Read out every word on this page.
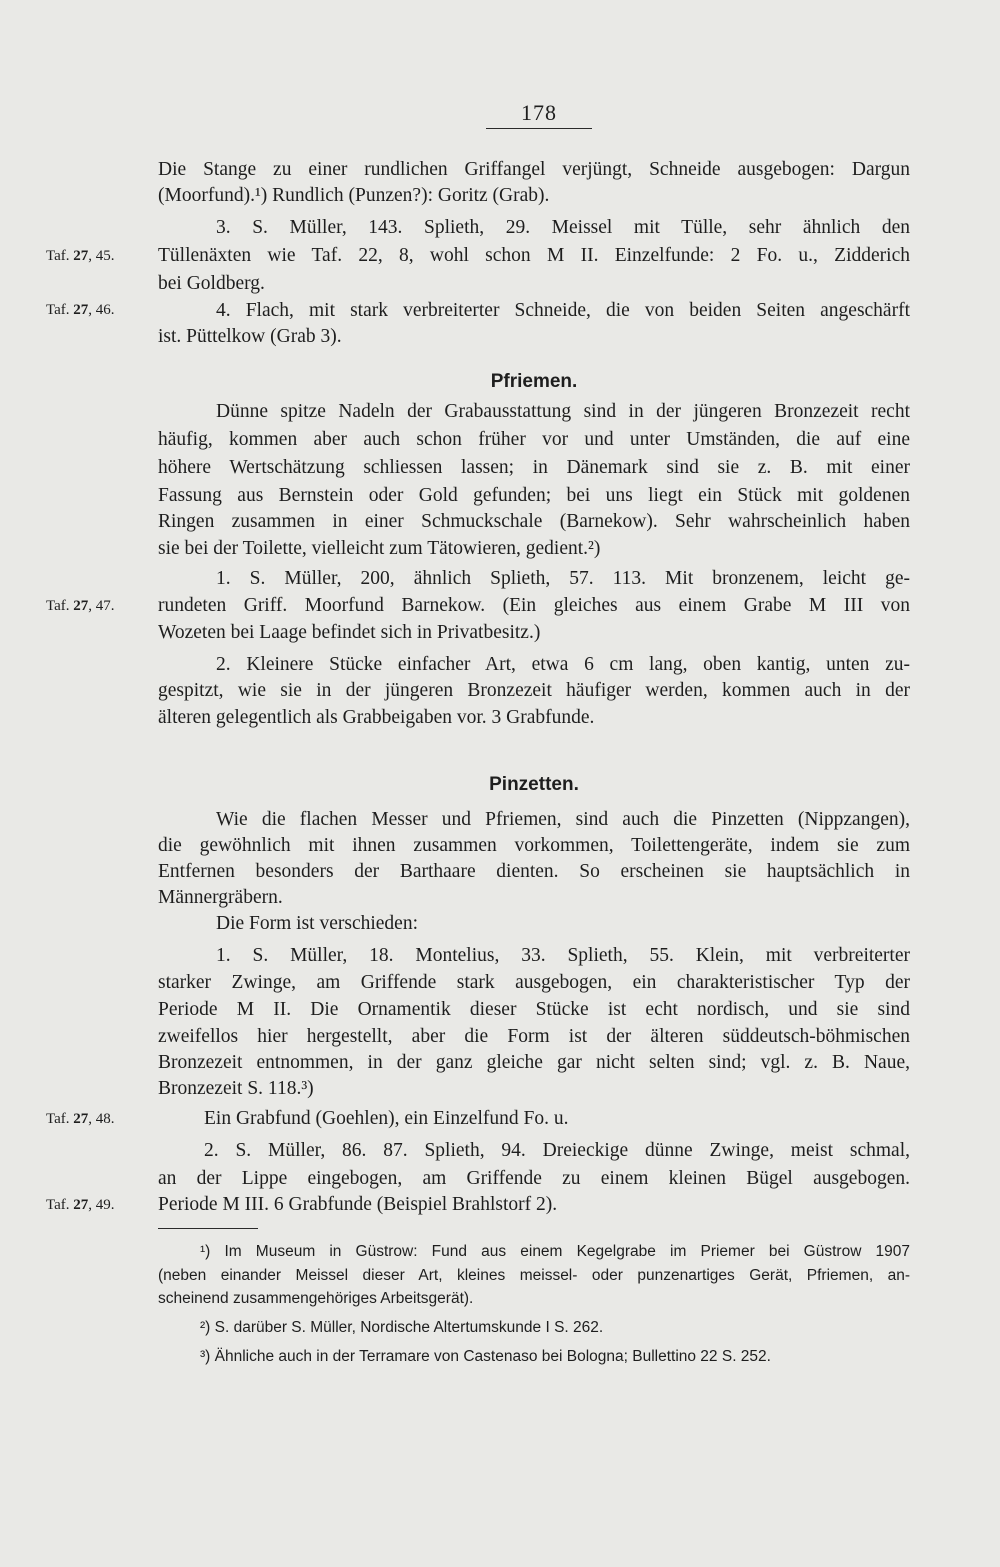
178
Die Stange zu einer rundlichen Griffangel verjüngt, Schneide ausgebogen: Dargun
(Moorfund).¹) Rundlich (Punzen?): Goritz (Grab).
3. S. Müller, 143. Splieth, 29. Meissel mit Tülle, sehr ähnlich den
Tüllenäxten wie Taf. 22, 8, wohl schon M II. Einzelfunde: 2 Fo. u., Zidderich
bei Goldberg.
4. Flach, mit stark verbreiterter Schneide, die von beiden Seiten angeschärft
ist. Püttelkow (Grab 3).
Pfriemen.
Dünne spitze Nadeln der Grabausstattung sind in der jüngeren Bronzezeit recht
häufig, kommen aber auch schon früher vor und unter Umständen, die auf eine
höhere Wertschätzung schliessen lassen; in Dänemark sind sie z. B. mit einer
Fassung aus Bernstein oder Gold gefunden; bei uns liegt ein Stück mit goldenen
Ringen zusammen in einer Schmuckschale (Barnekow). Sehr wahrscheinlich haben
sie bei der Toilette, vielleicht zum Tätowieren, gedient.²)
1. S. Müller, 200, ähnlich Splieth, 57. 113. Mit bronzenem, leicht ge-
rundeten Griff. Moorfund Barnekow. (Ein gleiches aus einem Grabe M III von
Wozeten bei Laage befindet sich in Privatbesitz.)
2. Kleinere Stücke einfacher Art, etwa 6 cm lang, oben kantig, unten zu-
gespitzt, wie sie in der jüngeren Bronzezeit häufiger werden, kommen auch in der
älteren gelegentlich als Grabbeigaben vor. 3 Grabfunde.
Pinzetten.
Wie die flachen Messer und Pfriemen, sind auch die Pinzetten (Nippzangen),
die gewöhnlich mit ihnen zusammen vorkommen, Toilettengeräte, indem sie zum
Entfernen besonders der Barthaare dienten. So erscheinen sie hauptsächlich in
Männergräbern.
Die Form ist verschieden:
1. S. Müller, 18. Montelius, 33. Splieth, 55. Klein, mit verbreiterter
starker Zwinge, am Griffende stark ausgebogen, ein charakteristischer Typ der
Periode M II. Die Ornamentik dieser Stücke ist echt nordisch, und sie sind
zweifellos hier hergestellt, aber die Form ist der älteren süddeutsch-böhmischen
Bronzezeit entnommen, in der ganz gleiche gar nicht selten sind; vgl. z. B. Naue,
Bronzezeit S. 118.³)
Ein Grabfund (Goehlen), ein Einzelfund Fo. u.
2. S. Müller, 86. 87. Splieth, 94. Dreieckige dünne Zwinge, meist schmal,
an der Lippe eingebogen, am Griffende zu einem kleinen Bügel ausgebogen.
Periode M III. 6 Grabfunde (Beispiel Brahlstorf 2).
Taf. 27, 45.
Taf. 27, 46.
Taf. 27, 47.
Taf. 27, 48.
Taf. 27, 49.
¹) Im Museum in Güstrow: Fund aus einem Kegelgrabe im Priemer bei Güstrow 1907
(neben einander Meissel dieser Art, kleines meissel- oder punzenartiges Gerät, Pfriemen, an-
scheinend zusammengehöriges Arbeitsgerät).
²) S. darüber S. Müller, Nordische Altertumskunde I S. 262.
³) Ähnliche auch in der Terramare von Castenaso bei Bologna; Bullettino 22 S. 252.
